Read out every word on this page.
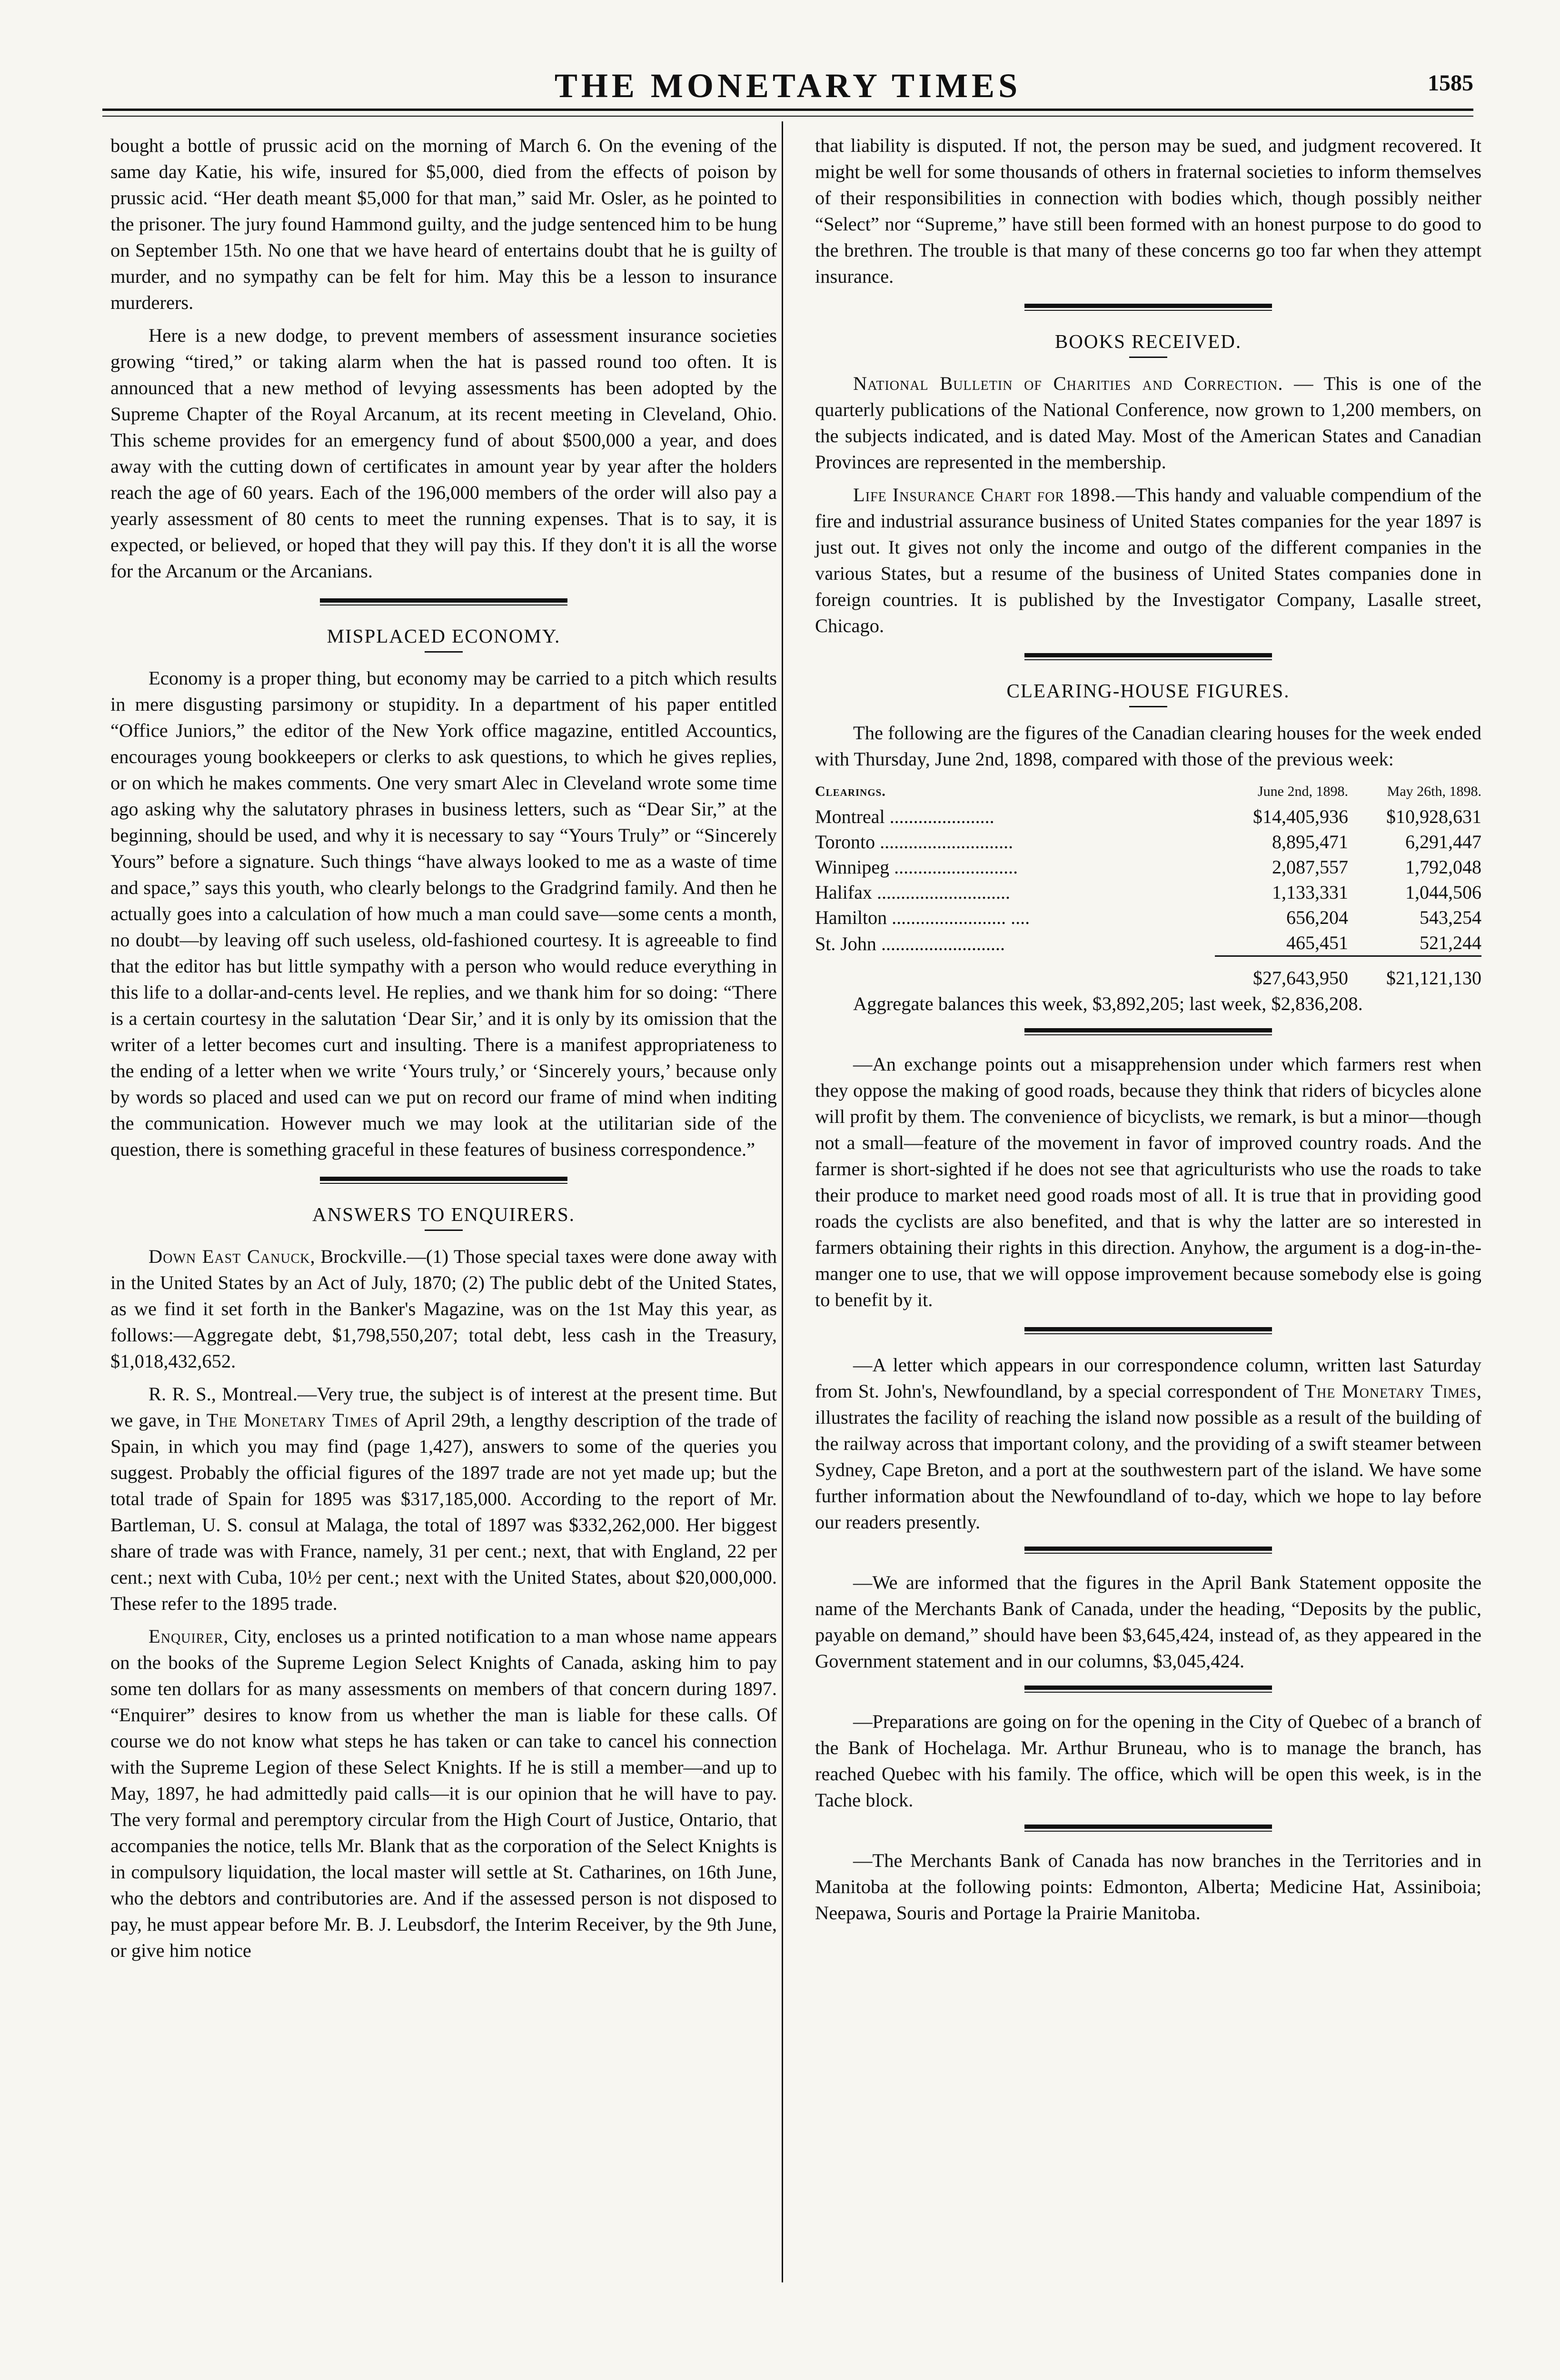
THE MONETARY TIMES	1585

bought a bottle of prussic acid on the morning of March 6. On the evening of the same day Katie, his wife, insured for $5,000, died from the effects of poison by prussic acid. “Her death meant $5,000 for that man,” said Mr. Osler, as he pointed to the prisoner. The jury found Hammond guilty, and the judge sentenced him to be hung on September 15th. No one that we have heard of entertains doubt that he is guilty of murder, and no sympathy can be felt for him. May this be a lesson to insurance murderers.

Here is a new dodge, to prevent members of assessment insurance societies growing “tired,” or taking alarm when the hat is passed round too often. It is announced that a new method of levying assessments has been adopted by the Supreme Chapter of the Royal Arcanum, at its recent meeting in Cleveland, Ohio. This scheme provides for an emergency fund of about $500,000 a year, and does away with the cutting down of certificates in amount year by year after the holders reach the age of 60 years. Each of the 196,000 members of the order will also pay a yearly assessment of 80 cents to meet the running expenses. That is to say, it is expected, or believed, or hoped that they will pay this. If they don't it is all the worse for the Arcanum or the Arcanians.

MISPLACED ECONOMY.

Economy is a proper thing, but economy may be carried to a pitch which results in mere disgusting parsimony or stupidity. In a department of his paper entitled “Office Juniors,” the editor of the New York office magazine, entitled Accountics, encourages young bookkeepers or clerks to ask questions, to which he gives replies, or on which he makes comments. One very smart Alec in Cleveland wrote some time ago asking why the salutatory phrases in business letters, such as “Dear Sir,” at the beginning, should be used, and why it is necessary to say “Yours Truly” or “Sincerely Yours” before a signature. Such things “have always looked to me as a waste of time and space,” says this youth, who clearly belongs to the Gradgrind family. And then he actually goes into a calculation of how much a man could save—some cents a month, no doubt—by leaving off such useless, old-fashioned courtesy. It is agreeable to find that the editor has but little sympathy with a person who would reduce everything in this life to a dollar-and-cents level. He replies, and we thank him for so doing: “There is a certain courtesy in the salutation ‘Dear Sir,’ and it is only by its omission that the writer of a letter becomes curt and insulting. There is a manifest appropriateness to the ending of a letter when we write ‘Yours truly,’ or ‘Sincerely yours,’ because only by words so placed and used can we put on record our frame of mind when inditing the communication. However much we may look at the utilitarian side of the question, there is something graceful in these features of business correspondence.”

ANSWERS TO ENQUIRERS.

Down East Canuck, Brockville.—(1) Those special taxes were done away with in the United States by an Act of July, 1870; (2) The public debt of the United States, as we find it set forth in the Banker's Magazine, was on the 1st May this year, as follows:—Aggregate debt, $1,798,550,207; total debt, less cash in the Treasury, $1,018,432,652.

R. R. S., Montreal.—Very true, the subject is of interest at the present time. But we gave, in The Monetary Times of April 29th, a lengthy description of the trade of Spain, in which you may find (page 1,427), answers to some of the queries you suggest. Probably the official figures of the 1897 trade are not yet made up; but the total trade of Spain for 1895 was $317,185,000. According to the report of Mr. Bartleman, U. S. consul at Malaga, the total of 1897 was $332,262,000. Her biggest share of trade was with France, namely, 31 per cent.; next, that with England, 22 per cent.; next with Cuba, 10½ per cent.; next with the United States, about $20,000,000. These refer to the 1895 trade.

Enquirer, City, encloses us a printed notification to a man whose name appears on the books of the Supreme Legion Select Knights of Canada, asking him to pay some ten dollars for as many assessments on members of that concern during 1897. “Enquirer” desires to know from us whether the man is liable for these calls. Of course we do not know what steps he has taken or can take to cancel his connection with the Supreme Legion of these Select Knights. If he is still a member—and up to May, 1897, he had admittedly paid calls—it is our opinion that he will have to pay. The very formal and peremptory circular from the High Court of Justice, Ontario, that accompanies the notice, tells Mr. Blank that as the corporation of the Select Knights is in compulsory liquidation, the local master will settle at St. Catharines, on 16th June, who the debtors and contributories are. And if the assessed person is not disposed to pay, he must appear before Mr. B. J. Leubsdorf, the Interim Receiver, by the 9th June, or give him notice

that liability is disputed. If not, the person may be sued, and judgment recovered. It might be well for some thousands of others in fraternal societies to inform themselves of their responsibilities in connection with bodies which, though possibly neither “Select” nor “Supreme,” have still been formed with an honest purpose to do good to the brethren. The trouble is that many of these concerns go too far when they attempt insurance.

BOOKS RECEIVED.

National Bulletin of Charities and Correction. — This is one of the quarterly publications of the National Conference, now grown to 1,200 members, on the subjects indicated, and is dated May. Most of the American States and Canadian Provinces are represented in the membership.

Life Insurance Chart for 1898.—This handy and valuable compendium of the fire and industrial assurance business of United States companies for the year 1897 is just out. It gives not only the income and outgo of the different companies in the various States, but a resume of the business of United States companies done in foreign countries. It is published by the Investigator Company, Lasalle street, Chicago.

CLEARING-HOUSE FIGURES.

The following are the figures of the Canadian clearing houses for the week ended with Thursday, June 2nd, 1898, compared with those of the previous week:

Clearings.	June 2nd, 1898.	May 26th, 1898.
Montreal ......................	$14,405,936	$10,928,631
Toronto ............................	8,895,471	6,291,447
Winnipeg ..........................	2,087,557	1,792,048
Halifax ............................	1,133,331	1,044,506
Hamilton ........................ ....	656,204	543,254
St. John ..........................	465,451	521,244
	$27,643,950	$21,121,130

Aggregate balances this week, $3,892,205; last week, $2,836,208.

—An exchange points out a misapprehension under which farmers rest when they oppose the making of good roads, because they think that riders of bicycles alone will profit by them. The convenience of bicyclists, we remark, is but a minor—though not a small—feature of the movement in favor of improved country roads. And the farmer is short-sighted if he does not see that agriculturists who use the roads to take their produce to market need good roads most of all. It is true that in providing good roads the cyclists are also benefited, and that is why the latter are so interested in farmers obtaining their rights in this direction. Anyhow, the argument is a dog-in-the-manger one to use, that we will oppose improvement because somebody else is going to benefit by it.

—A letter which appears in our correspondence column, written last Saturday from St. John's, Newfoundland, by a special correspondent of The Monetary Times, illustrates the facility of reaching the island now possible as a result of the building of the railway across that important colony, and the providing of a swift steamer between Sydney, Cape Breton, and a port at the southwestern part of the island. We have some further information about the Newfoundland of to-day, which we hope to lay before our readers presently.

—We are informed that the figures in the April Bank Statement opposite the name of the Merchants Bank of Canada, under the heading, “Deposits by the public, payable on demand,” should have been $3,645,424, instead of, as they appeared in the Government statement and in our columns, $3,045,424.

—Preparations are going on for the opening in the City of Quebec of a branch of the Bank of Hochelaga. Mr. Arthur Bruneau, who is to manage the branch, has reached Quebec with his family. The office, which will be open this week, is in the Tache block.

—The Merchants Bank of Canada has now branches in the Territories and in Manitoba at the following points: Edmonton, Alberta; Medicine Hat, Assiniboia; Neepawa, Souris and Portage la Prairie Manitoba.
